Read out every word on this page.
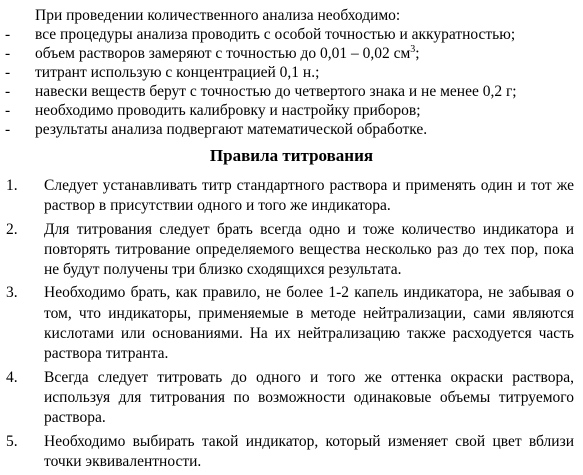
При проведении количественного анализа необходимо:
- все процедуры анализа проводить с особой точностью и аккуратностью;
- объем растворов замеряют с точностью до 0,01 – 0,02 $см^3$;
- титрант использую с концентрацией 0,1 н.;
- навески веществ берут с точностью до четвертого знака и не менее 0,2 г;
- необходимо проводить калибровку и настройку приборов;
- результаты анализа подвергают математической обработке.
Правила титрования
1. Следует устанавливать титр стандартного раствора и применять один и тот же раствор в присутствии одного и того же индикатора.
2. Для титрования следует брать всегда одно и тоже количество индикатора и повторять титрование определяемого вещества несколько раз до тех пор, пока не будут получены три близко сходящихся результата.
3. Необходимо брать, как правило, не более 1-2 капель индикатора, не забывая о том, что индикаторы, применяемые в методе нейтрализации, сами являются кислотами или основаниями. На их нейтрализацию также расходуется часть раствора титранта.
4. Всегда следует титровать до одного и того же оттенка окраски раствора, используя для титрования по возможности одинаковые объемы титруемого раствора.
5. Необходимо выбирать такой индикатор, который изменяет свой цвет вблизи точки эквивалентности.
